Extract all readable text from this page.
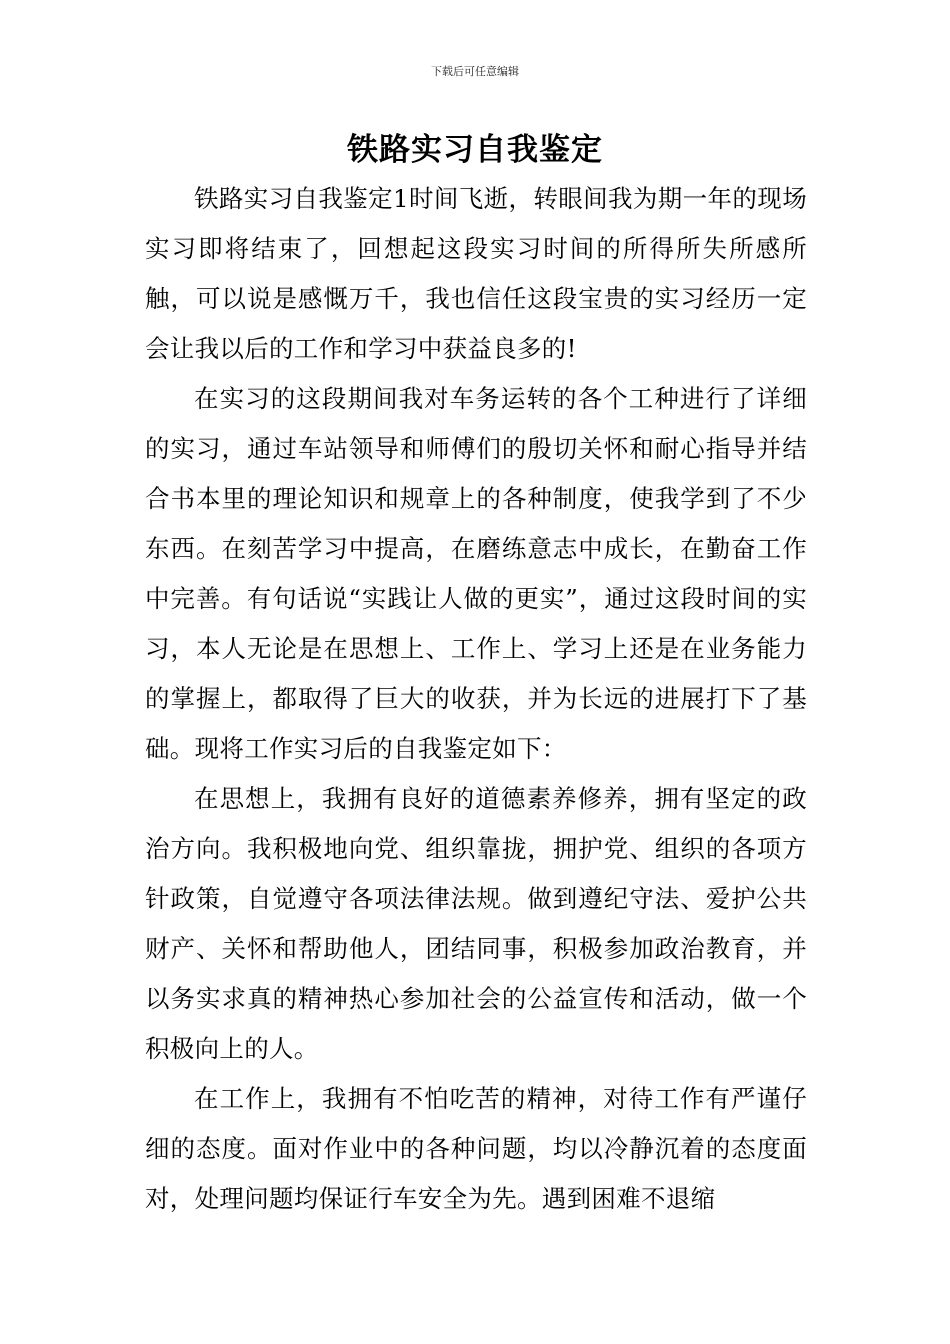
下载后可任意编辑
铁路实习自我鉴定

铁路实习自我鉴定1时间飞逝，转眼间我为期一年的现场实习即将结束了，回想起这段实习时间的所得所失所感所触，可以说是感慨万千，我也信任这段宝贵的实习经历一定会让我以后的工作和学习中获益良多的!

在实习的这段期间我对车务运转的各个工种进行了详细的实习，通过车站领导和师傅们的殷切关怀和耐心指导并结合书本里的理论知识和规章上的各种制度，使我学到了不少东西。在刻苦学习中提高，在磨练意志中成长，在勤奋工作中完善。有句话说“实践让人做的更实”，通过这段时间的实习，本人无论是在思想上、工作上、学习上还是在业务能力的掌握上，都取得了巨大的收获，并为长远的进展打下了基础。现将工作实习后的自我鉴定如下：

在思想上，我拥有良好的道德素养修养，拥有坚定的政治方向。我积极地向党、组织靠拢，拥护党、组织的各项方针政策，自觉遵守各项法律法规。做到遵纪守法、爱护公共财产、关怀和帮助他人，团结同事，积极参加政治教育，并以务实求真的精神热心参加社会的公益宣传和活动，做一个积极向上的人。

在工作上，我拥有不怕吃苦的精神，对待工作有严谨仔细的态度。面对作业中的各种问题，均以冷静沉着的态度面对，处理问题均保证行车安全为先。遇到困难不退缩
